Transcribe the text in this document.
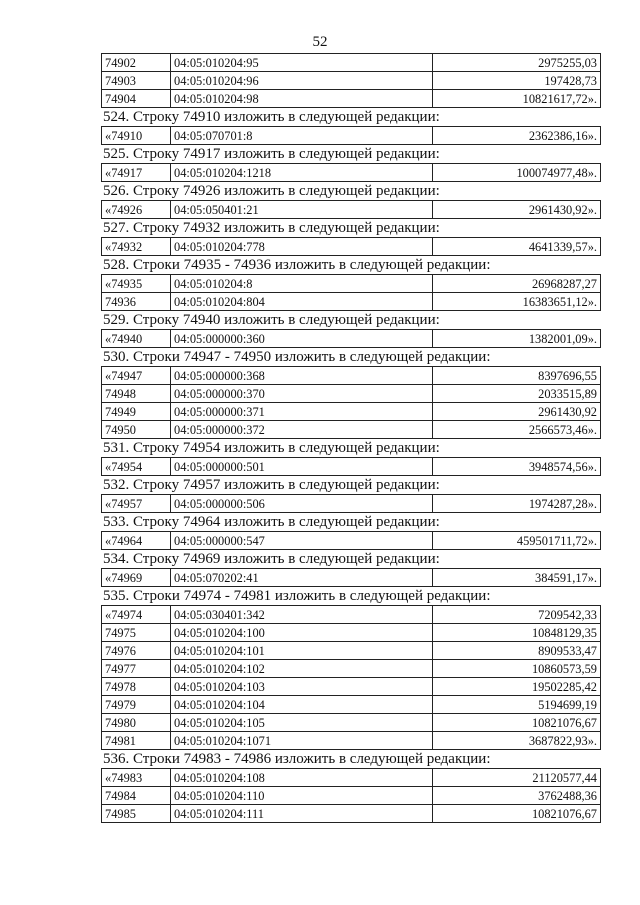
52
74902	04:05:010204:95	2975255,03
74903	04:05:010204:96	197428,73
74904	04:05:010204:98	10821617,72».
524. Строку 74910 изложить в следующей редакции:
«74910	04:05:070701:8	2362386,16».
525. Строку 74917 изложить в следующей редакции:
«74917	04:05:010204:1218	100074977,48».
526. Строку 74926 изложить в следующей редакции:
«74926	04:05:050401:21	2961430,92».
527. Строку 74932 изложить в следующей редакции:
«74932	04:05:010204:778	4641339,57».
528. Строки 74935 - 74936 изложить в следующей редакции:
«74935	04:05:010204:8	26968287,27
74936	04:05:010204:804	16383651,12».
529. Строку 74940 изложить в следующей редакции:
«74940	04:05:000000:360	1382001,09».
530. Строки 74947 - 74950 изложить в следующей редакции:
«74947	04:05:000000:368	8397696,55
74948	04:05:000000:370	2033515,89
74949	04:05:000000:371	2961430,92
74950	04:05:000000:372	2566573,46».
531. Строку 74954 изложить в следующей редакции:
«74954	04:05:000000:501	3948574,56».
532. Строку 74957 изложить в следующей редакции:
«74957	04:05:000000:506	1974287,28».
533. Строку 74964 изложить в следующей редакции:
«74964	04:05:000000:547	459501711,72».
534. Строку 74969 изложить в следующей редакции:
«74969	04:05:070202:41	384591,17».
535. Строки 74974 - 74981 изложить в следующей редакции:
«74974	04:05:030401:342	7209542,33
74975	04:05:010204:100	10848129,35
74976	04:05:010204:101	8909533,47
74977	04:05:010204:102	10860573,59
74978	04:05:010204:103	19502285,42
74979	04:05:010204:104	5194699,19
74980	04:05:010204:105	10821076,67
74981	04:05:010204:1071	3687822,93».
536. Строки 74983 - 74986 изложить в следующей редакции:
«74983	04:05:010204:108	21120577,44
74984	04:05:010204:110	3762488,36
74985	04:05:010204:111	10821076,67
